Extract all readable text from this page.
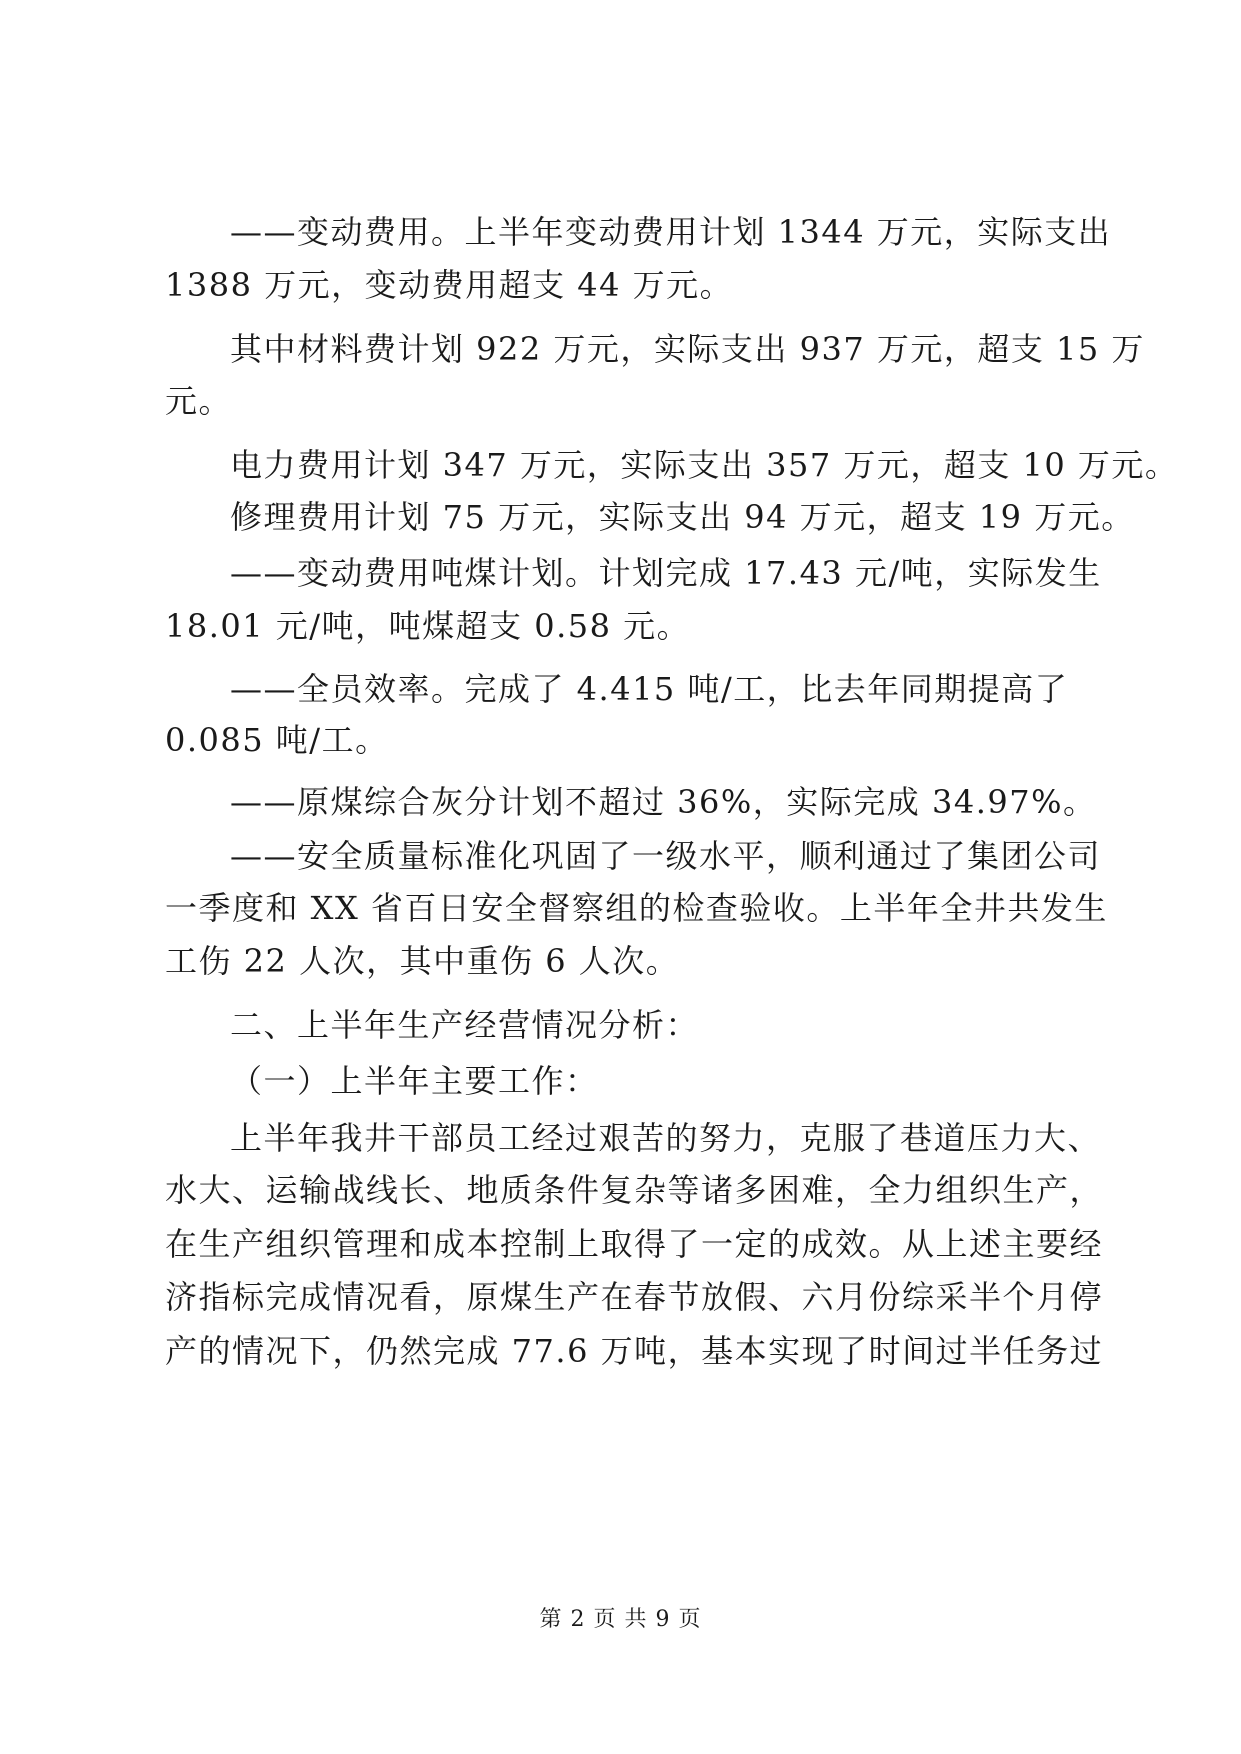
——变动费用。上半年变动费用计划 1344 万元，实际支出
1388 万元，变动费用超支 44 万元。
其中材料费计划 922 万元，实际支出 937 万元，超支 15 万
元。
电力费用计划 347 万元，实际支出 357 万元，超支 10 万元。
修理费用计划 75 万元，实际支出 94 万元，超支 19 万元。
——变动费用吨煤计划。计划完成 17.43 元/吨，实际发生
18.01 元/吨，吨煤超支 0.58 元。
——全员效率。完成了 4.415 吨/工，比去年同期提高了
0.085 吨/工。
——原煤综合灰分计划不超过 36%，实际完成 34.97%。
——安全质量标准化巩固了一级水平，顺利通过了集团公司
一季度和 XX 省百日安全督察组的检查验收。上半年全井共发生
工伤 22 人次，其中重伤 6 人次。
二、上半年生产经营情况分析：
（一）上半年主要工作：
上半年我井干部员工经过艰苦的努力，克服了巷道压力大、
水大、运输战线长、地质条件复杂等诸多困难，全力组织生产，
在生产组织管理和成本控制上取得了一定的成效。从上述主要经
济指标完成情况看，原煤生产在春节放假、六月份综采半个月停
产的情况下，仍然完成 77.6 万吨，基本实现了时间过半任务过
第 2 页 共 9 页
